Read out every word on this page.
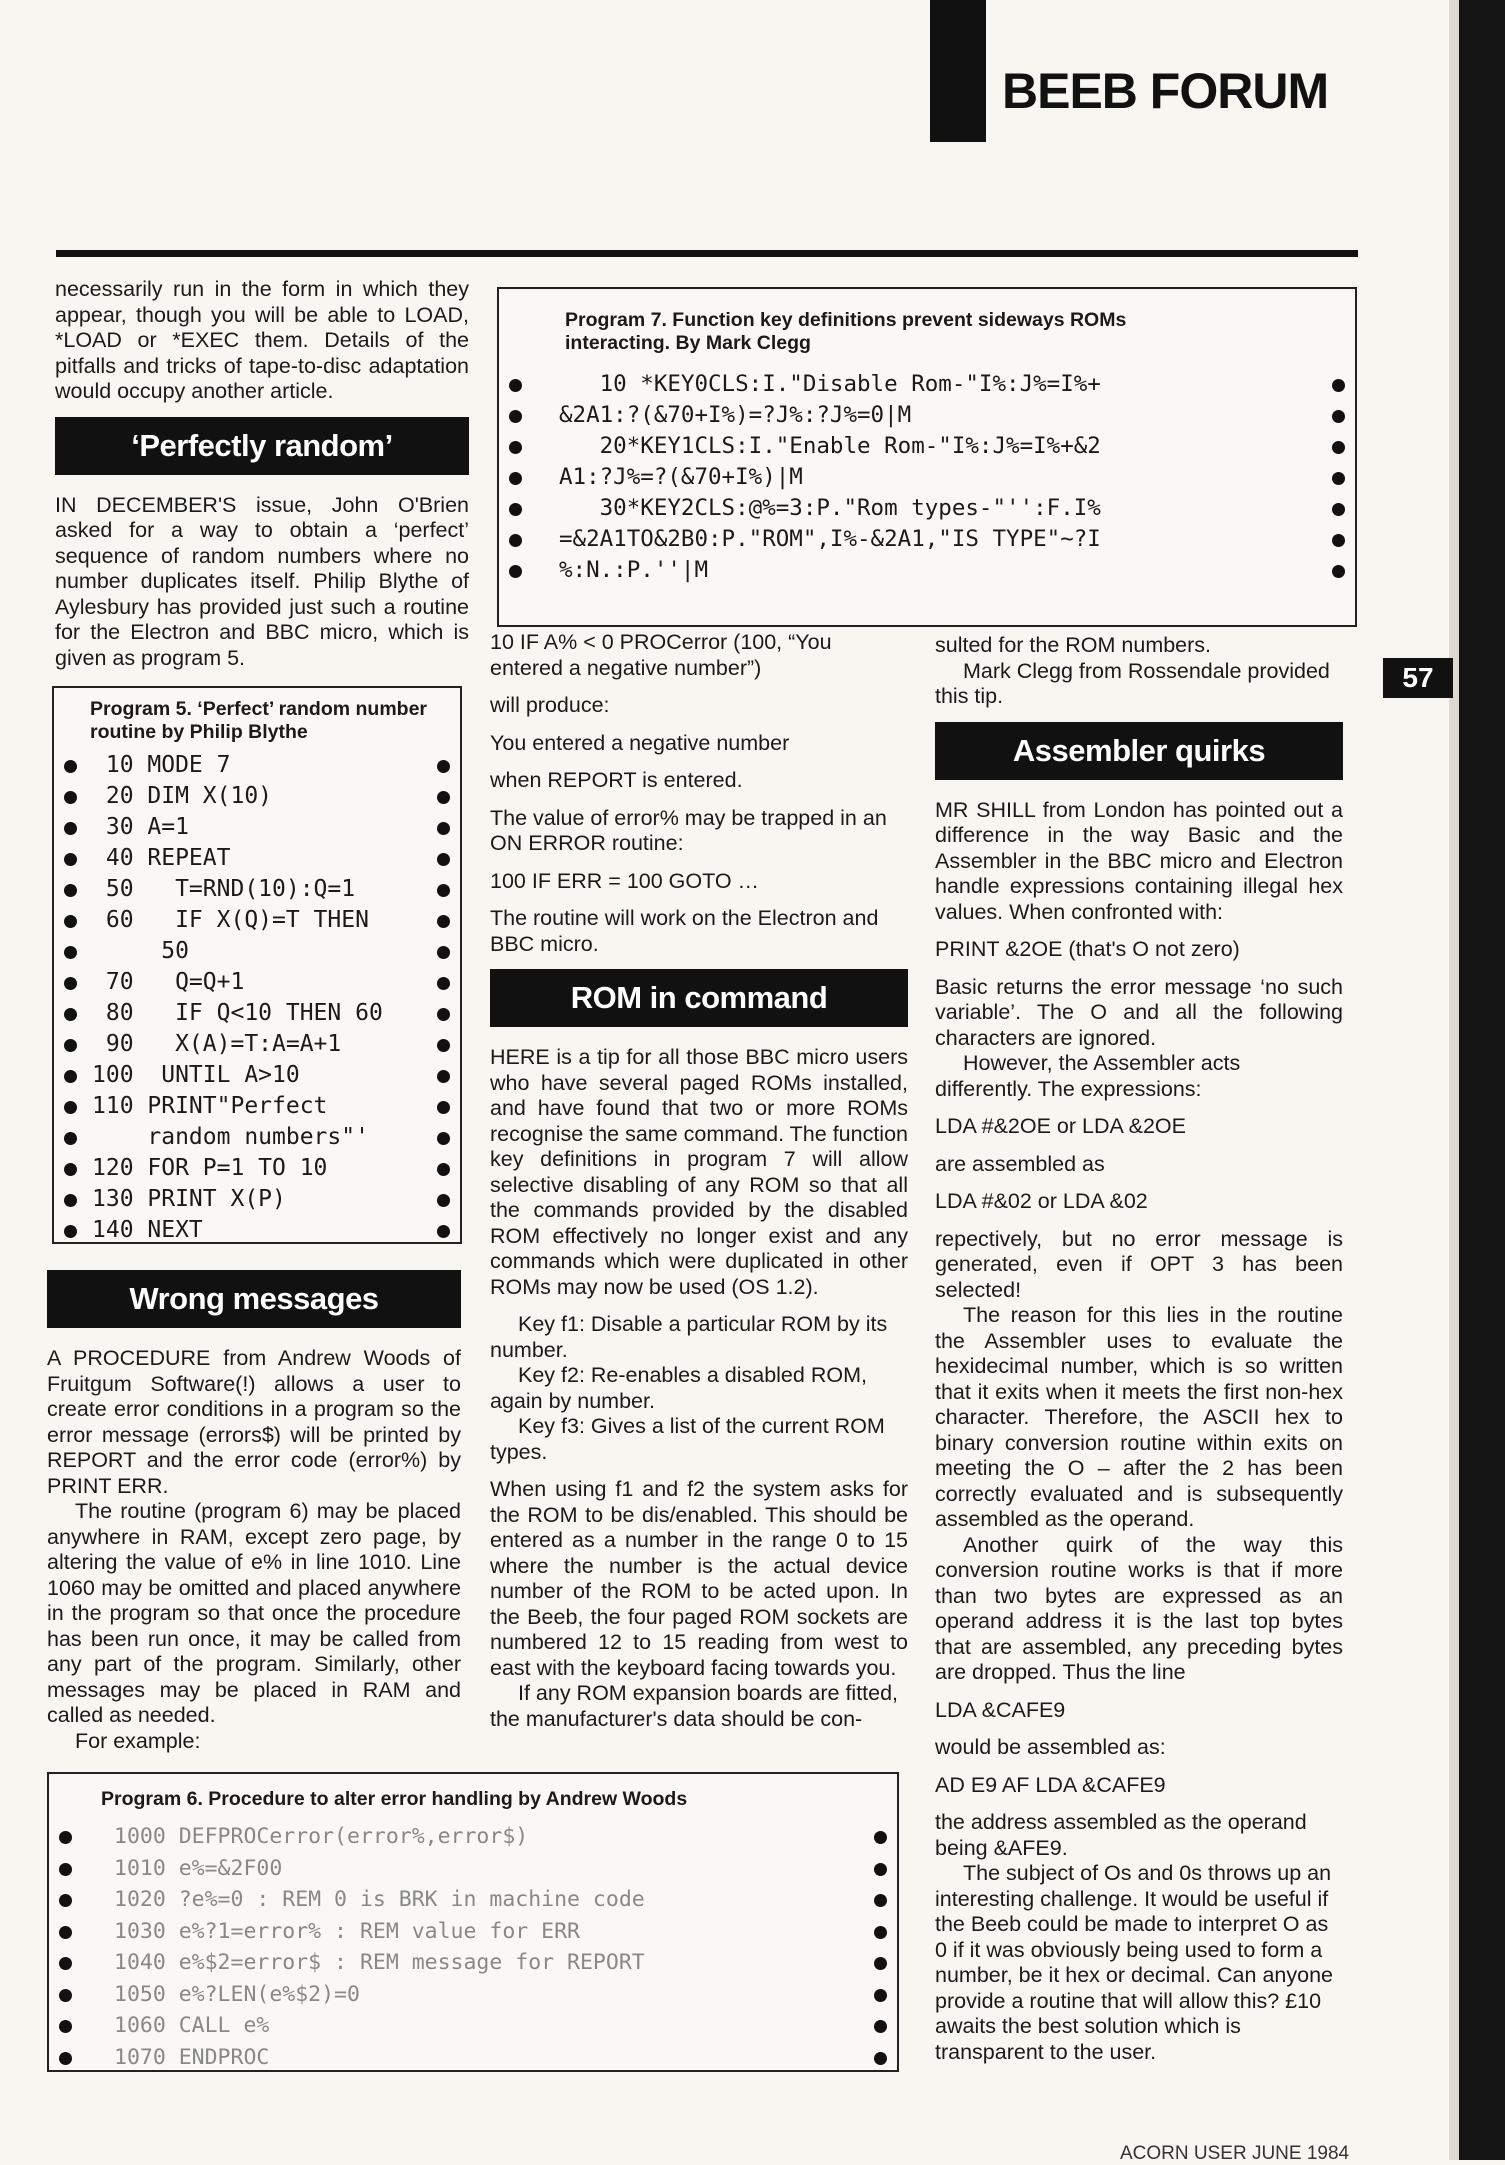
BEEB FORUM
57

necessarily run in the form in which they appear, though you will be able to LOAD, *LOAD or *EXEC them. Details of the pitfalls and tricks of tape-to-disc adaptation would occupy another article.

‘Perfectly random’

IN DECEMBER'S issue, John O'Brien asked for a way to obtain a ‘perfect’ sequence of random numbers where no number duplicates itself. Philip Blythe of Aylesbury has provided just such a routine for the Electron and BBC micro, which is given as program 5.

Program 5. ‘Perfect’ random number routine by Philip Blythe
10 MODE 7
20 DIM X(10)
30 A=1
40 REPEAT
50   T=RND(10):Q=1
60   IF X(Q)=T THEN
50
70   Q=Q+1
80   IF Q<10 THEN 60
90   X(A)=T:A=A+1
100  UNTIL A>10
110 PRINT"Perfect
random numbers"'
120 FOR P=1 TO 10
130 PRINT X(P)
140 NEXT
Wrong messages

A PROCEDURE from Andrew Woods of Fruitgum Software(!) allows a user to create error conditions in a program so the error message (errors$) will be printed by REPORT and the error code (error%) by PRINT ERR.

The routine (program 6) may be placed anywhere in RAM, except zero page, by altering the value of e% in line 1010. Line 1060 may be omitted and placed anywhere in the program so that once the procedure has been run once, it may be called from any part of the program. Similarly, other messages may be placed in RAM and called as needed.

For example:

Program 7. Function key definitions prevent sideways ROMs interacting. By Mark Clegg
10 *KEY0CLS:I."Disable Rom-"I%:J%=I%+
&2A1:?(&70+I%)=?J%:?J%=0|M
20*KEY1CLS:I."Enable Rom-"I%:J%=I%+&2
A1:?J%=?(&70+I%)|M
30*KEY2CLS:@%=3:P."Rom types-"'':F.I%
=&2A1TO&2B0:P."ROM",I%-&2A1,"IS TYPE"~?I
%:N.:P.''|M

10 IF A% < 0 PROCerror (100, “You entered a negative number”)

will produce:

You entered a negative number

when REPORT is entered.

The value of error% may be trapped in an ON ERROR routine:

100 IF ERR = 100 GOTO …

The routine will work on the Electron and BBC micro.

ROM in command

HERE is a tip for all those BBC micro users who have several paged ROMs installed, and have found that two or more ROMs recognise the same command. The function key definitions in program 7 will allow selective disabling of any ROM so that all the commands provided by the disabled ROM effectively no longer exist and any commands which were duplicated in other ROMs may now be used (OS 1.2).

Key f1: Disable a particular ROM by its number.

Key f2: Re-enables a disabled ROM, again by number.

Key f3: Gives a list of the current ROM types.

When using f1 and f2 the system asks for the ROM to be dis/enabled. This should be entered as a number in the range 0 to 15 where the number is the actual device number of the ROM to be acted upon. In the Beeb, the four paged ROM sockets are numbered 12 to 15 reading from west to east with the keyboard facing towards you.

If any ROM expansion boards are fitted, the manufacturer's data should be con-

sulted for the ROM numbers.

Mark Clegg from Rossendale provided this tip.

Assembler quirks

MR SHILL from London has pointed out a difference in the way Basic and the Assembler in the BBC micro and Electron handle expressions containing illegal hex values. When confronted with:

PRINT &2OE (that's O not zero)

Basic returns the error message ‘no such variable’. The O and all the following characters are ignored.

However, the Assembler acts differently. The expressions:

LDA #&2OE or LDA &2OE

are assembled as

LDA #&02 or LDA &02

repectively, but no error message is generated, even if OPT 3 has been selected!

The reason for this lies in the routine the Assembler uses to evaluate the hexidecimal number, which is so written that it exits when it meets the first non-hex character. Therefore, the ASCII hex to binary conversion routine within exits on meeting the O – after the 2 has been correctly evaluated and is subsequently assembled as the operand.

Another quirk of the way this conversion routine works is that if more than two bytes are expressed as an operand address it is the last top bytes that are assembled, any preceding bytes are dropped. Thus the line

LDA &CAFE9

would be assembled as:

AD E9 AF LDA &CAFE9

the address assembled as the operand being &AFE9.

The subject of Os and 0s throws up an interesting challenge. It would be useful if the Beeb could be made to interpret O as 0 if it was obviously being used to form a number, be it hex or decimal. Can anyone provide a routine that will allow this? £10 awaits the best solution which is transparent to the user.

Program 6. Procedure to alter error handling by Andrew Woods
1000 DEFPROCerror(error%,error$)
1010 e%=&2F00
1020 ?e%=0 : REM 0 is BRK in machine code
1030 e%?1=error% : REM value for ERR
1040 e%$2=error$ : REM message for REPORT
1050 e%?LEN(e%$2)=0
1060 CALL e%
1070 ENDPROC
ACORN USER JUNE 1984
